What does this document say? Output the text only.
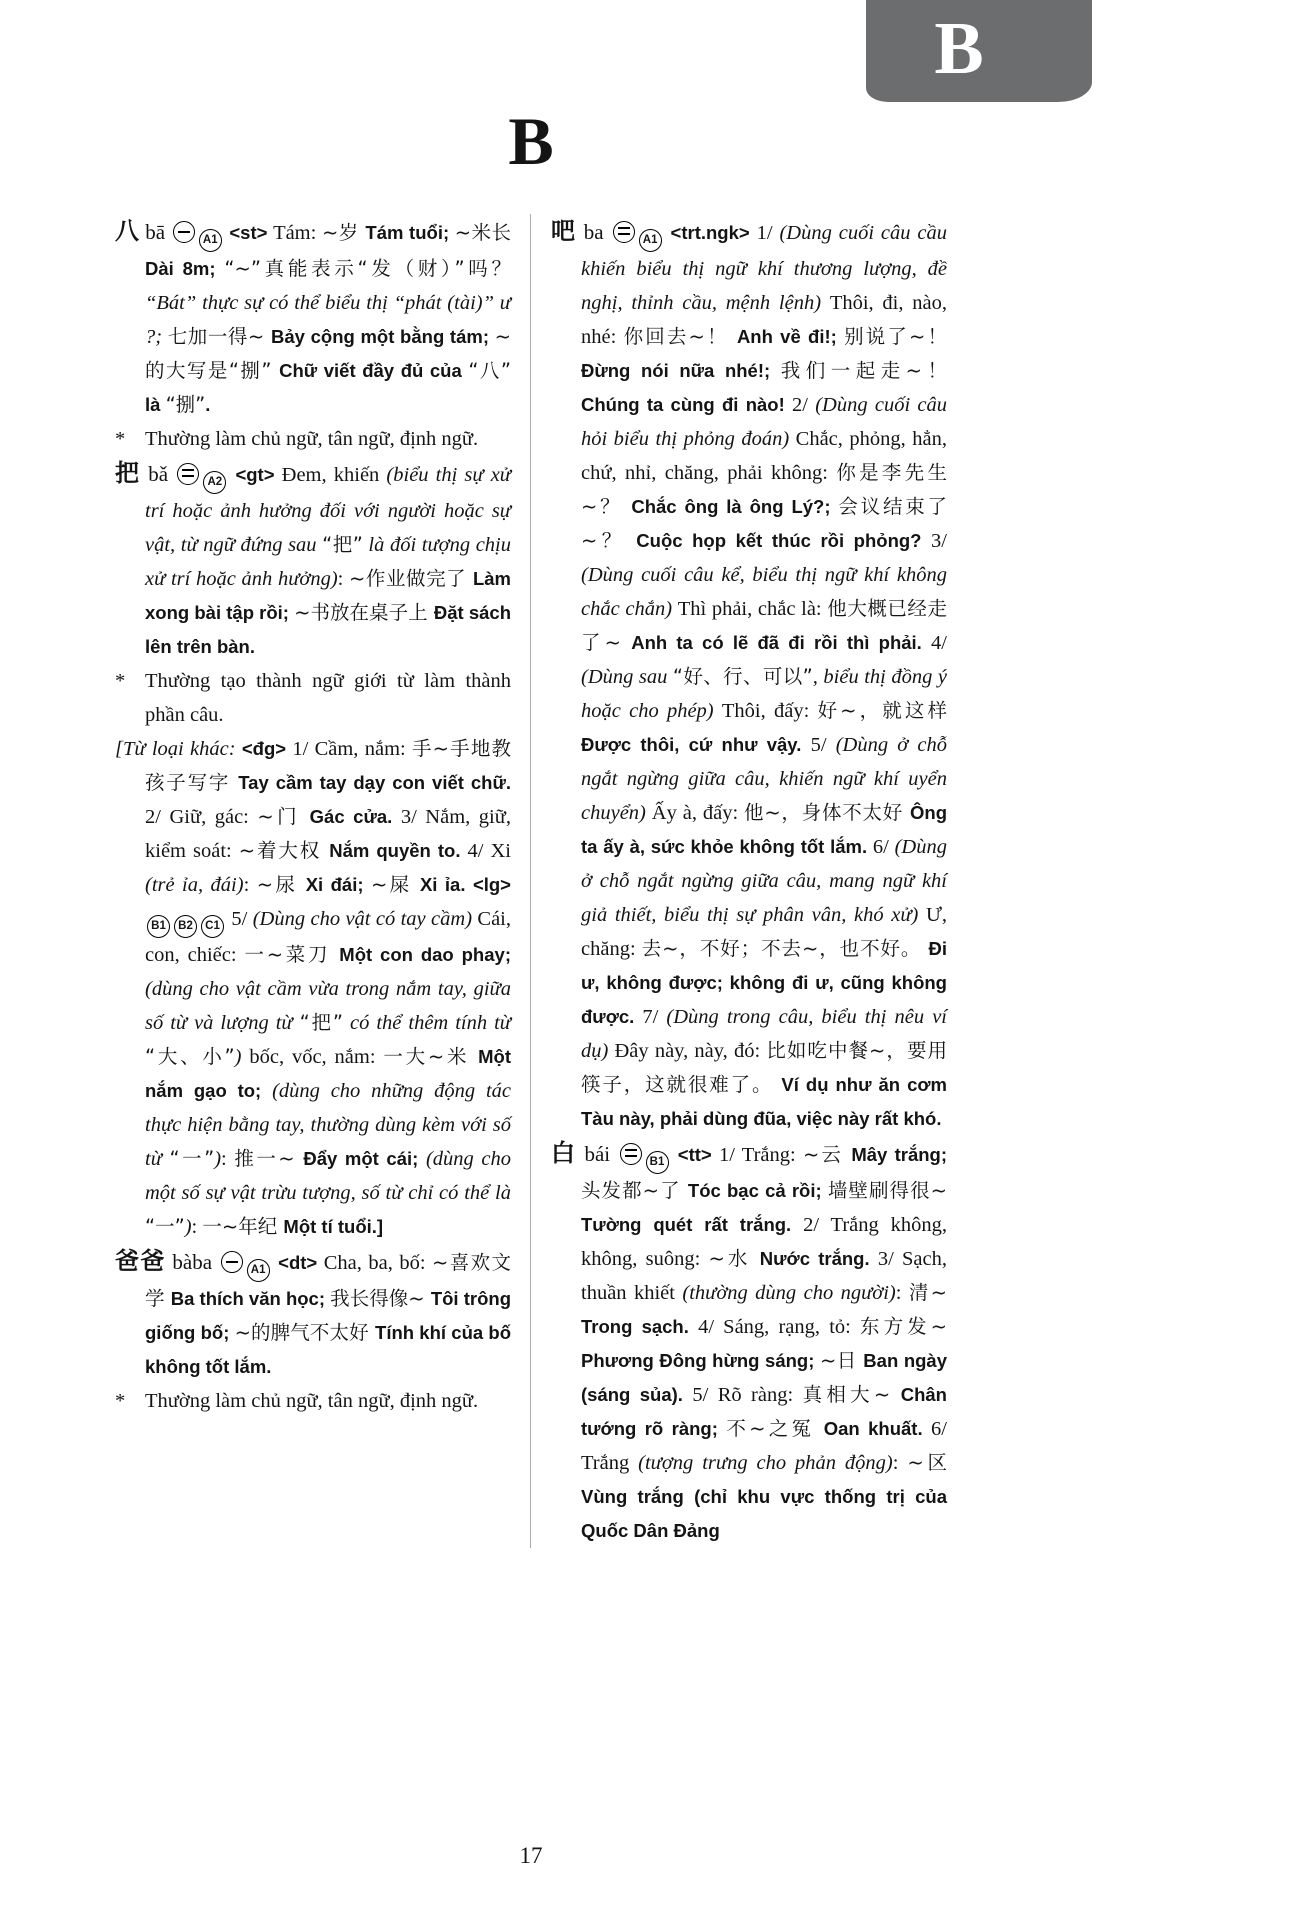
B
B

八 bā	A1 <st> Tám: ~岁 Tám tuổi; ~米长 Dài 8m; “~”真能表示“发（财）”吗？ “Bát” thực sự có thể biểu thị “phát (tài)” ư ?; 七加一得~ Bảy cộng một bằng tám; ~的大写是“捌” Chữ viết đầy đủ của “八” là “捌”.

* Thường làm chủ ngữ, tân ngữ, định ngữ.

把 bǎ	A2 <gt> Đem, khiến (biểu thị sự xử trí hoặc ảnh hưởng đối với người hoặc sự vật, từ ngữ đứng sau “把” là đối tượng chịu xử trí hoặc ảnh hưởng): ~作业做完了 Làm xong bài tập rồi; ~书放在桌子上 Đặt sách lên trên bàn.

* Thường tạo thành ngữ giới từ làm thành phần câu.

[Từ loại khác: <đg> 1/ Cầm, nắm: 手~手地教孩子写字 Tay cầm tay dạy con viết chữ. 2/ Giữ, gác: ~门 Gác cửa. 3/ Nắm, giữ, kiểm soát: ~着大权 Nắm quyền to. 4/ Xi (trẻ ỉa, đái): ~尿 Xi đái; ~屎 Xi ỉa. <lg> B1 B2 C1 5/ (Dùng cho vật có tay cầm) Cái, con, chiếc: 一~菜刀 Một con dao phay; (dùng cho vật cầm vừa trong nắm tay, giữa số từ và lượng từ “把” có thể thêm tính từ “大、小”) bốc, vốc, nắm: 一大~米 Một nắm gạo to; (dùng cho những động tác thực hiện bằng tay, thường dùng kèm với số từ “一”): 推一~ Đẩy một cái; (dùng cho một số sự vật trừu tượng, số từ chỉ có thể là “一”): 一~年纪 Một tí tuổi.]

爸爸 bàba	A1 <dt> Cha, ba, bố: ~喜欢文学 Ba thích văn học; 我长得像~ Tôi trông giống bố; ~的脾气不太好 Tính khí của bố không tốt lắm.

* Thường làm chủ ngữ, tân ngữ, định ngữ.

吧 ba	A1 <trt.ngk> 1/ (Dùng cuối câu cầu khiến biểu thị ngữ khí thương lượng, đề nghị, thỉnh cầu, mệnh lệnh) Thôi, đi, nào, nhé: 你回去~！ Anh về đi!; 别说了~！ Đừng nói nữa nhé!; 我们一起走~！ Chúng ta cùng đi nào! 2/ (Dùng cuối câu hỏi biểu thị phỏng đoán) Chắc, phỏng, hẳn, chứ, nhỉ, chăng, phải không: 你是李先生~？ Chắc ông là ông Lý?; 会议结束了~？ Cuộc họp kết thúc rồi phỏng? 3/ (Dùng cuối câu kể, biểu thị ngữ khí không chắc chắn) Thì phải, chắc là: 他大概已经走了~ Anh ta có lẽ đã đi rồi thì phải. 4/ (Dùng sau “好、行、可以”, biểu thị đồng ý hoặc cho phép) Thôi, đấy: 好~，就这样 Được thôi, cứ như vậy. 5/ (Dùng ở chỗ ngắt ngừng giữa câu, khiến ngữ khí uyển chuyển) Ấy à, đấy: 他~，身体不太好 Ông ta ấy à, sức khỏe không tốt lắm. 6/ (Dùng ở chỗ ngắt ngừng giữa câu, mang ngữ khí giả thiết, biểu thị sự phân vân, khó xử) Ư, chăng: 去~，不好；不去~，也不好。 Đi ư, không được; không đi ư, cũng không được. 7/ (Dùng trong câu, biểu thị nêu ví dụ) Đây này, này, đó: 比如吃中餐~，要用筷子，这就很难了。 Ví dụ như ăn cơm Tàu này, phải dùng đũa, việc này rất khó.

白 bái	B1 <tt> 1/ Trắng: ~云 Mây trắng; 头发都~了 Tóc bạc cả rồi; 墙壁刷得很~ Tường quét rất trắng. 2/ Trắng không, không, suông: ~水 Nước trắng. 3/ Sạch, thuần khiết (thường dùng cho người): 清~ Trong sạch. 4/ Sáng, rạng, tỏ: 东方发~ Phương Đông hừng sáng; ~日 Ban ngày (sáng sủa). 5/ Rõ ràng: 真相大~ Chân tướng rõ ràng; 不~之冤 Oan khuất. 6/ Trắng (tượng trưng cho phản động): ~区 Vùng trắng (chỉ khu vực thống trị của Quốc Dân Đảng

17
